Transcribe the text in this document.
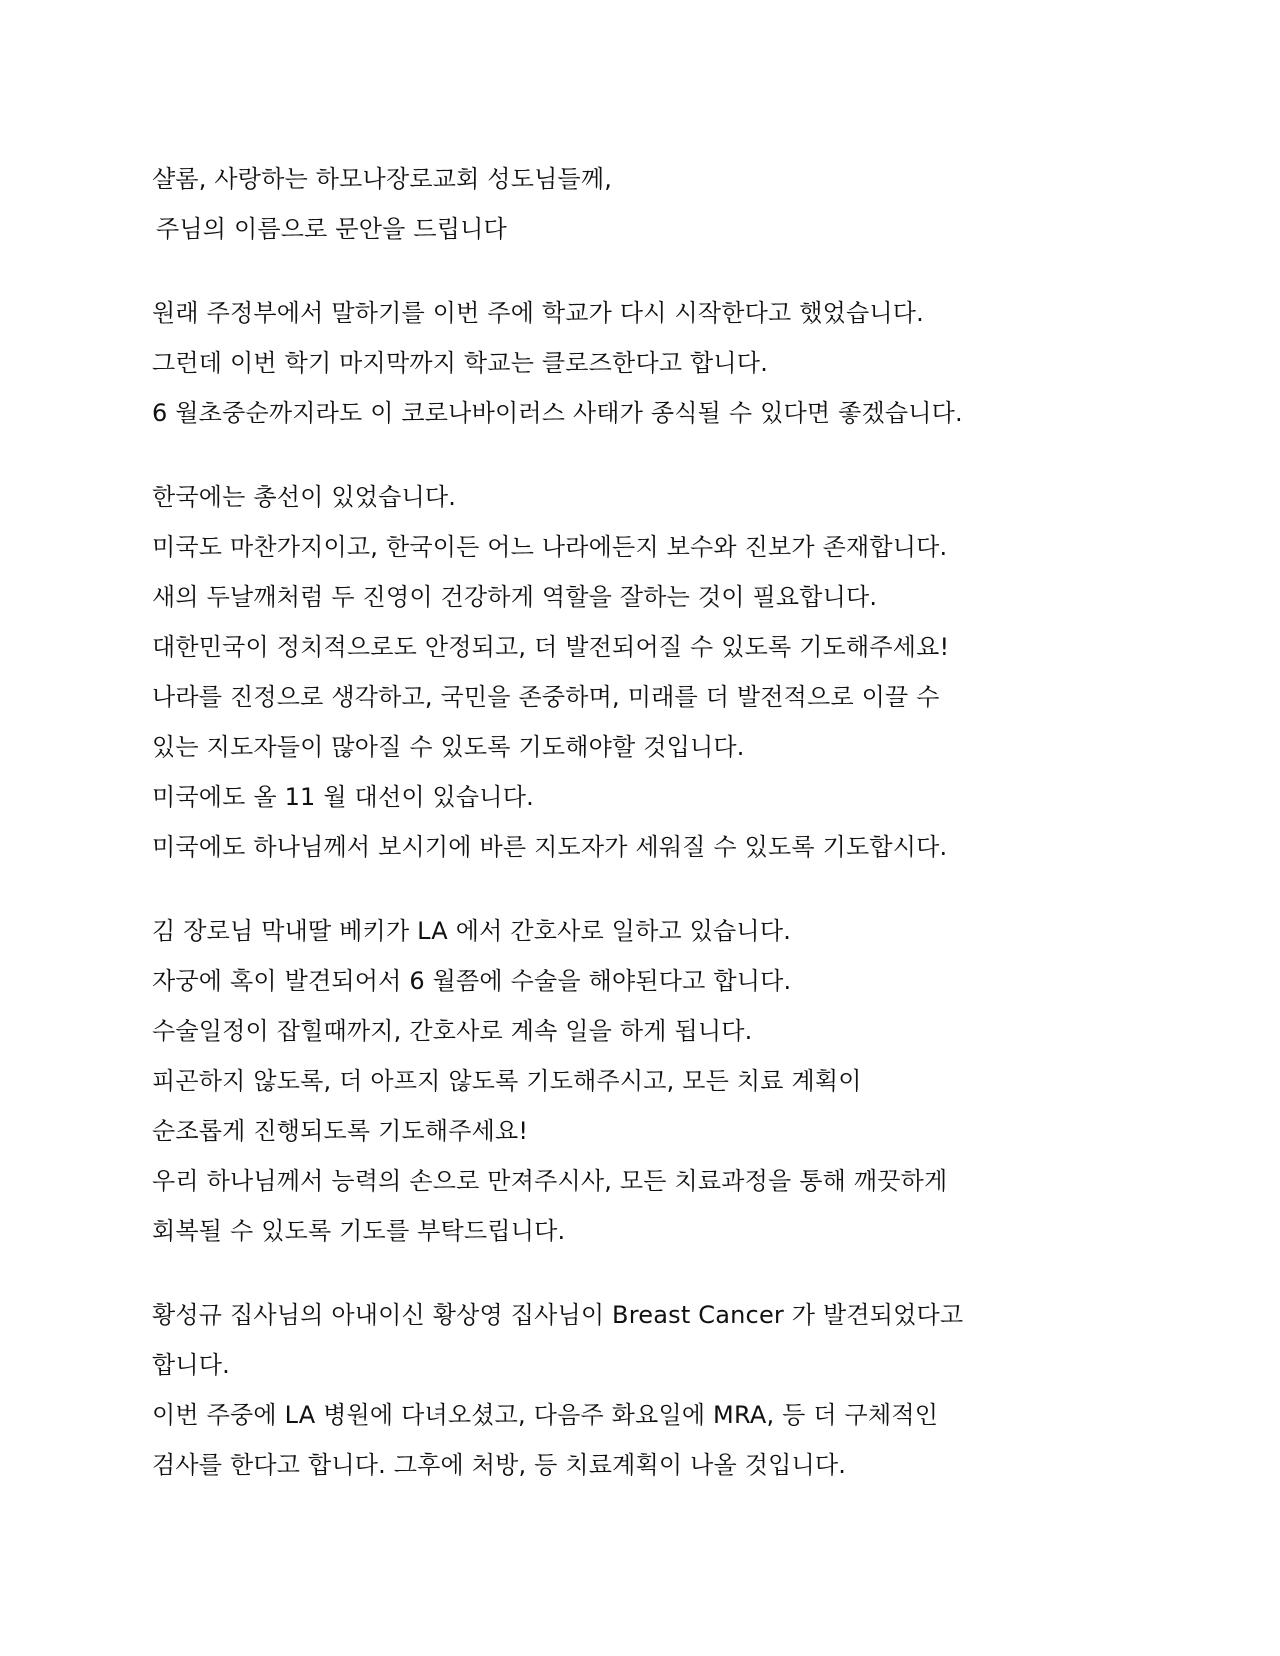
샬롬, 사랑하는 하모나장로교회 성도님들께,
주님의 이름으로 문안을 드립니다
원래 주정부에서 말하기를 이번 주에 학교가 다시 시작한다고 했었습니다.
그런데 이번 학기 마지막까지 학교는 클로즈한다고 합니다.
6 월초중순까지라도 이 코로나바이러스 사태가 종식될 수 있다면 좋겠습니다.
한국에는 총선이 있었습니다.
미국도 마찬가지이고, 한국이든 어느 나라에든지 보수와 진보가 존재합니다.
새의 두날깨처럼 두 진영이 건강하게 역할을 잘하는 것이 필요합니다.
대한민국이 정치적으로도 안정되고, 더 발전되어질 수 있도록 기도해주세요!
나라를 진정으로 생각하고, 국민을 존중하며, 미래를 더 발전적으로 이끌 수
있는 지도자들이 많아질 수 있도록 기도해야할 것입니다.
미국에도 올 11 월 대선이 있습니다.
미국에도 하나님께서 보시기에 바른 지도자가 세워질 수 있도록 기도합시다.
김 장로님 막내딸 베키가 LA 에서 간호사로 일하고 있습니다.
자궁에 혹이 발견되어서 6 월쯤에 수술을 해야된다고 합니다.
수술일정이 잡힐때까지, 간호사로 계속 일을 하게 됩니다.
피곤하지 않도록, 더 아프지 않도록 기도해주시고, 모든 치료 계획이
순조롭게 진행되도록 기도해주세요!
우리 하나님께서 능력의 손으로 만져주시사, 모든 치료과정을 통해 깨끗하게
회복될 수 있도록 기도를 부탁드립니다.
황성규 집사님의 아내이신 황상영 집사님이 Breast Cancer 가 발견되었다고
합니다.
이번 주중에 LA 병원에 다녀오셨고, 다음주 화요일에 MRA, 등 더 구체적인
검사를 한다고 합니다. 그후에 처방, 등 치료계획이 나올 것입니다.
